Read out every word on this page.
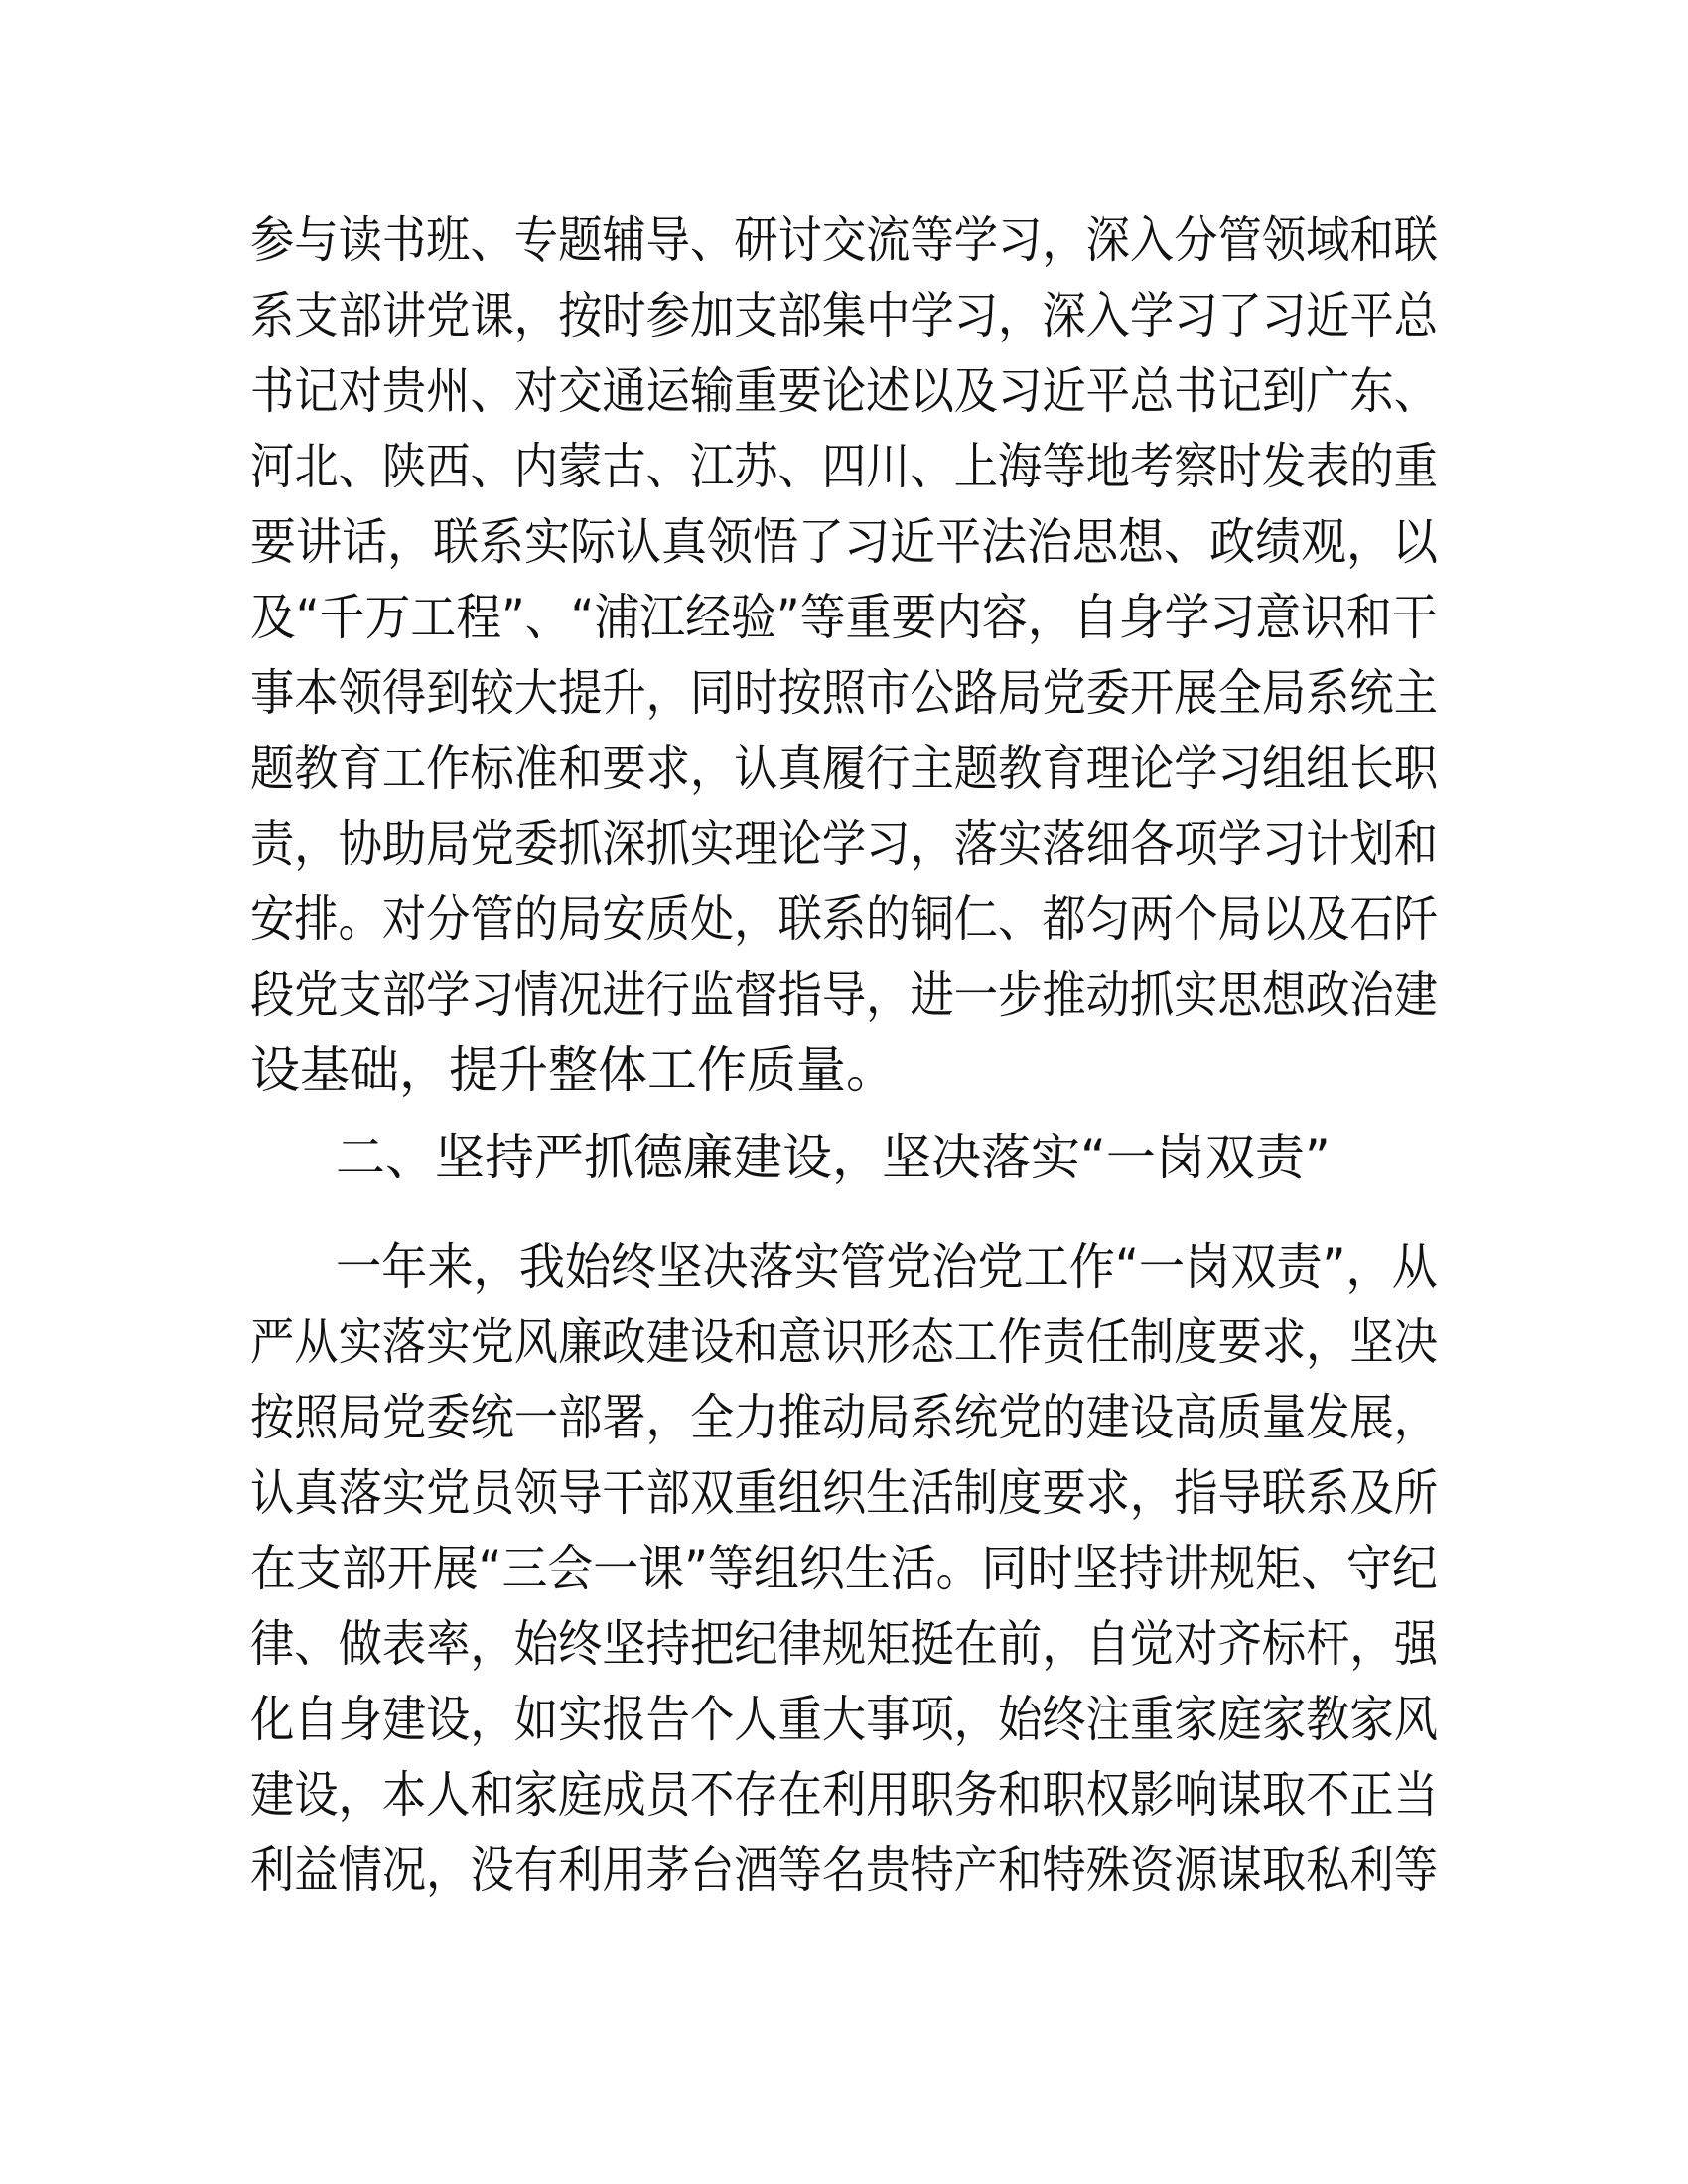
参与读书班、专题辅导、研讨交流等学习，深入分管领域和联
系支部讲党课，按时参加支部集中学习，深入学习了习近平总
书记对贵州、对交通运输重要论述以及习近平总书记到广东、
河北、陕西、内蒙古、江苏、四川、上海等地考察时发表的重
要讲话，联系实际认真领悟了习近平法治思想、政绩观，以
及“千万工程”、“浦江经验”等重要内容，自身学习意识和干
事本领得到较大提升，同时按照市公路局党委开展全局系统主
题教育工作标准和要求，认真履行主题教育理论学习组组长职
责，协助局党委抓深抓实理论学习，落实落细各项学习计划和
安排。对分管的局安质处，联系的铜仁、都匀两个局以及石阡
段党支部学习情况进行监督指导，进一步推动抓实思想政治建
设基础，提升整体工作质量。
二、坚持严抓德廉建设，坚决落实“一岗双责”
一年来，我始终坚决落实管党治党工作“一岗双责”，从
严从实落实党风廉政建设和意识形态工作责任制度要求，坚决
按照局党委统一部署，全力推动局系统党的建设高质量发展，
认真落实党员领导干部双重组织生活制度要求，指导联系及所
在支部开展“三会一课”等组织生活。同时坚持讲规矩、守纪
律、做表率，始终坚持把纪律规矩挺在前，自觉对齐标杆，强
化自身建设，如实报告个人重大事项，始终注重家庭家教家风
建设，本人和家庭成员不存在利用职务和职权影响谋取不正当
利益情况，没有利用茅台酒等名贵特产和特殊资源谋取私利等
